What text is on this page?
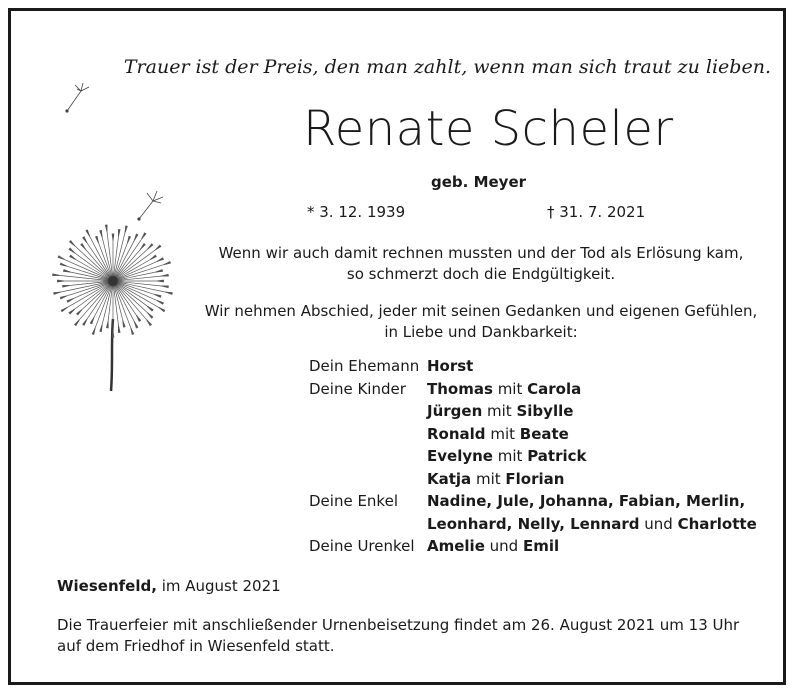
Trauer ist der Preis, den man zahlt, wenn man sich traut zu lieben.
Renate Scheler
geb. Meyer
* 3. 12. 1939	† 31. 7. 2021
Wenn wir auch damit rechnen mussten und der Tod als Erlösung kam,
so schmerzt doch die Endgültigkeit.
Wir nehmen Abschied, jeder mit seinen Gedanken und eigenen Gefühlen,
in Liebe und Dankbarkeit:
Dein Ehemann Horst
Deine Kinder Thomas mit Carola
Jürgen mit Sibylle
Ronald mit Beate
Evelyne mit Patrick
Katja mit Florian
Deine Enkel Nadine, Jule, Johanna, Fabian, Merlin,
Leonhard, Nelly, Lennard und Charlotte
Deine Urenkel Amelie und Emil
Wiesenfeld, im August 2021
Die Trauerfeier mit anschließender Urnenbeisetzung findet am 26. August 2021 um 13 Uhr
auf dem Friedhof in Wiesenfeld statt.
